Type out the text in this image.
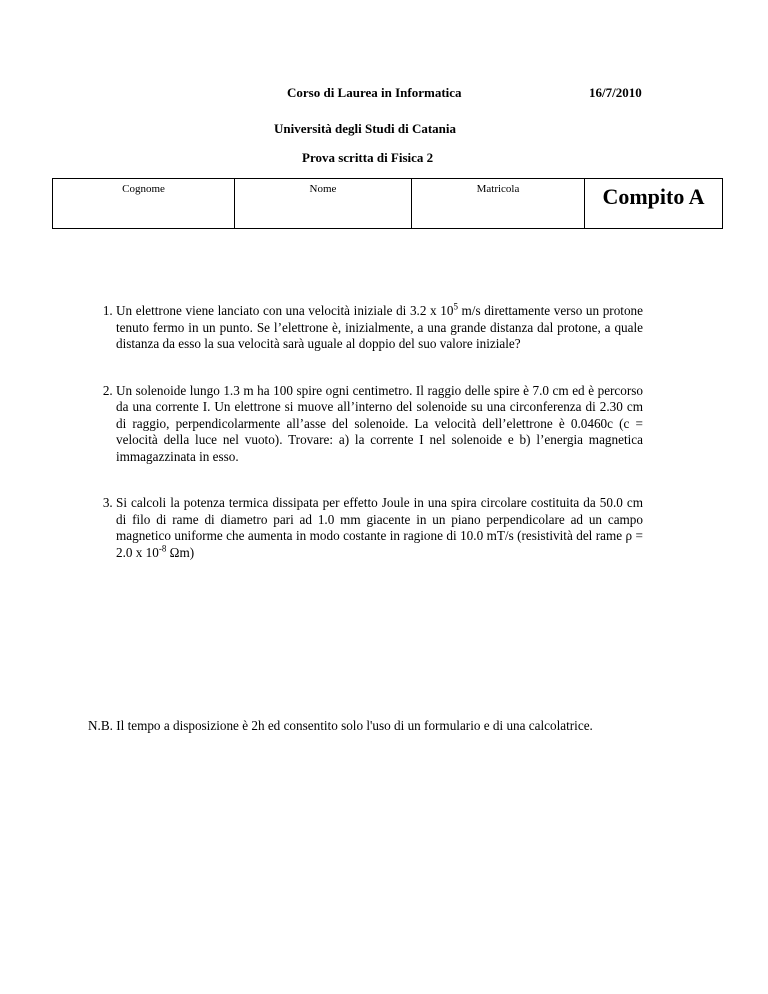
Corso di Laurea in Informatica	16/7/2010
Università degli Studi di Catania
Prova scritta di Fisica 2
Cognome	Nome	Matricola	Compito A
1. Un elettrone viene lanciato con una velocità iniziale di 3.2 x $10^5$ m/s direttamente verso un protone tenuto fermo in un punto. Se l’elettrone è, inizialmente, a una grande distanza dal protone, a quale distanza da esso la sua velocità sarà uguale al doppio del suo valore iniziale?
2. Un solenoide lungo 1.3 m ha 100 spire ogni centimetro. Il raggio delle spire è 7.0 cm ed è percorso da una corrente I. Un elettrone si muove all’interno del solenoide su una circonferenza di 2.30 cm di raggio, perpendicolarmente all’asse del solenoide. La velocità dell’elettrone è 0.0460c (c = velocità della luce nel vuoto). Trovare: a) la corrente I nel solenoide e b) l’energia magnetica immagazzinata in esso.
3. Si calcoli la potenza termica dissipata per effetto Joule in una spira circolare costituita da 50.0 cm di filo di rame di diametro pari ad 1.0 mm giacente in un piano perpendicolare ad un campo magnetico uniforme che aumenta in modo costante in ragione di 10.0 mT/s (resistività del rame ρ = 2.0 x $10^{-8}$ Ωm)
N.B. Il tempo a disposizione è 2h ed consentito solo l'uso di un formulario e di una calcolatrice.
